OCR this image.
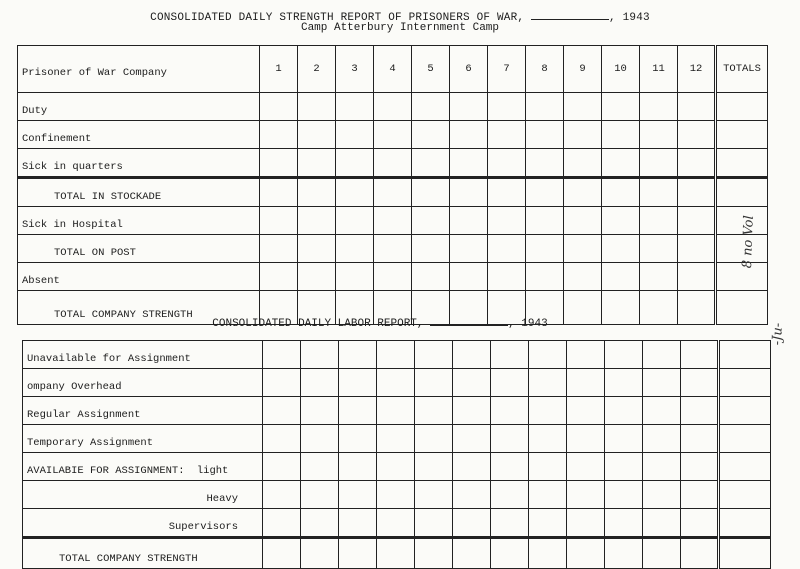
CONSOLIDATED DAILY STRENGTH REPORT OF PRISONERS OF WAR,	, 1943
Camp Atterbury Internment Camp
Prisoner of War Company	1	2	3	4	5	6	7	8	9	10	11	12	TOTALS
Duty													
Confinement													
Sick in quarters													
TOTAL IN STOCKADE													
Sick in Hospital													
TOTAL ON POST													
Absent													
TOTAL COMPANY STRENGTH													
CONSOLIDATED DAILY LABOR REPORT,	, 1943
Unavailable for Assignment													
ompany Overhead													
Regular Assignment													
Temporary Assignment													
AVAILABIE FOR ASSIGNMENT: light													
Heavy													
Supervisors													
TOTAL COMPANY STRENGTH													
8 no Vol
-Ju-
